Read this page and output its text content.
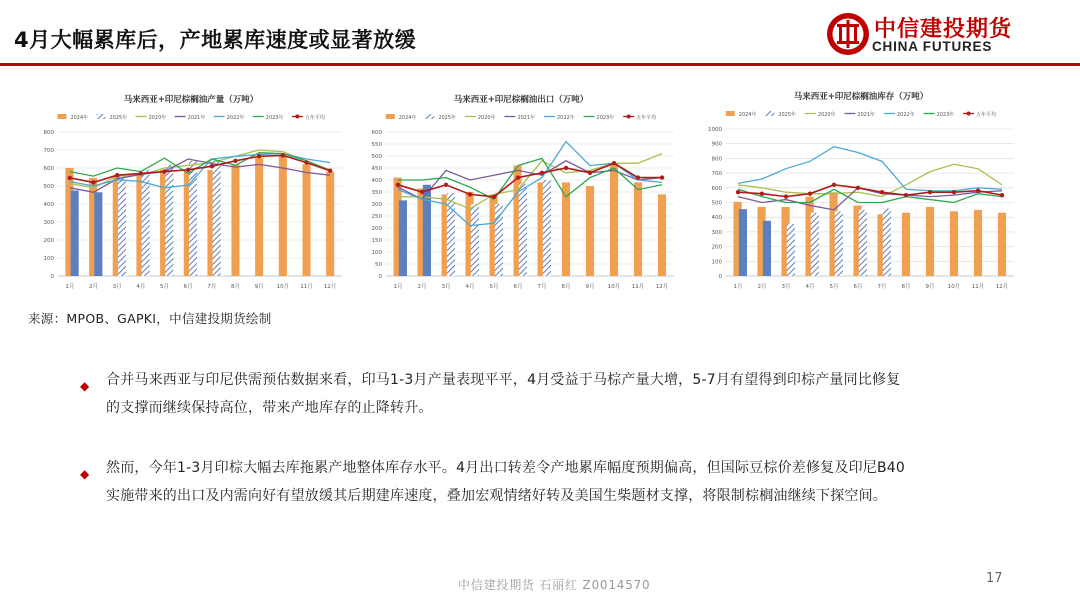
4月大幅累库后，产地累库速度或显著放缓	中信建投期货
CHINA FUTURES
马来西亚+印尼棕榈油产量（万吨）
2024年	2025年	2020年	2021年	2022年	2023年	五年平均
0
100
200
300
400
500
600
700
800
1月	2月	3月	4月	5月	6月	7月	8月	9月 10月 11月 12月
马来西亚+印尼棕榈油出口（万吨）
2024年	2025年	2020年	2021年	2022年	2023年	五年平均
0
50
100
150
200
250
300
350
400
450
500
550
600
1月	2月	3月	4月	5月	6月	7月	8月	9月 10月 11月 12月
马来西亚+印尼棕榈油库存（万吨）
2024年	2025年	2020年	2021年	2022年	2023年	五年平均
0
100
200
300
400
500
600
700
800
900
1000
1月	2月	3月	4月	5月	6月	7月	8月	9月 10月 11月 12月
来源：MPOB、GAPKI，中信建投期货绘制
◆ 合并马来西亚与印尼供需预估数据来看，印马1-3月产量表现平平，4月受益于马棕产量大增，5-7月有望得到印棕产量同比修复
的支撑而继续保持高位，带来产地库存的止降转升。
◆ 然而，今年1-3月印棕大幅去库拖累产地整体库存水平。4月出口转差令产地累库幅度预期偏高，但国际豆棕价差修复及印尼B40
实施带来的出口及内需向好有望放缓其后期建库速度，叠加宏观情绪好转及美国生柴题材支撑，将限制棕榈油继续下探空间。
中信建投期货 石丽红 Z0014570	17
